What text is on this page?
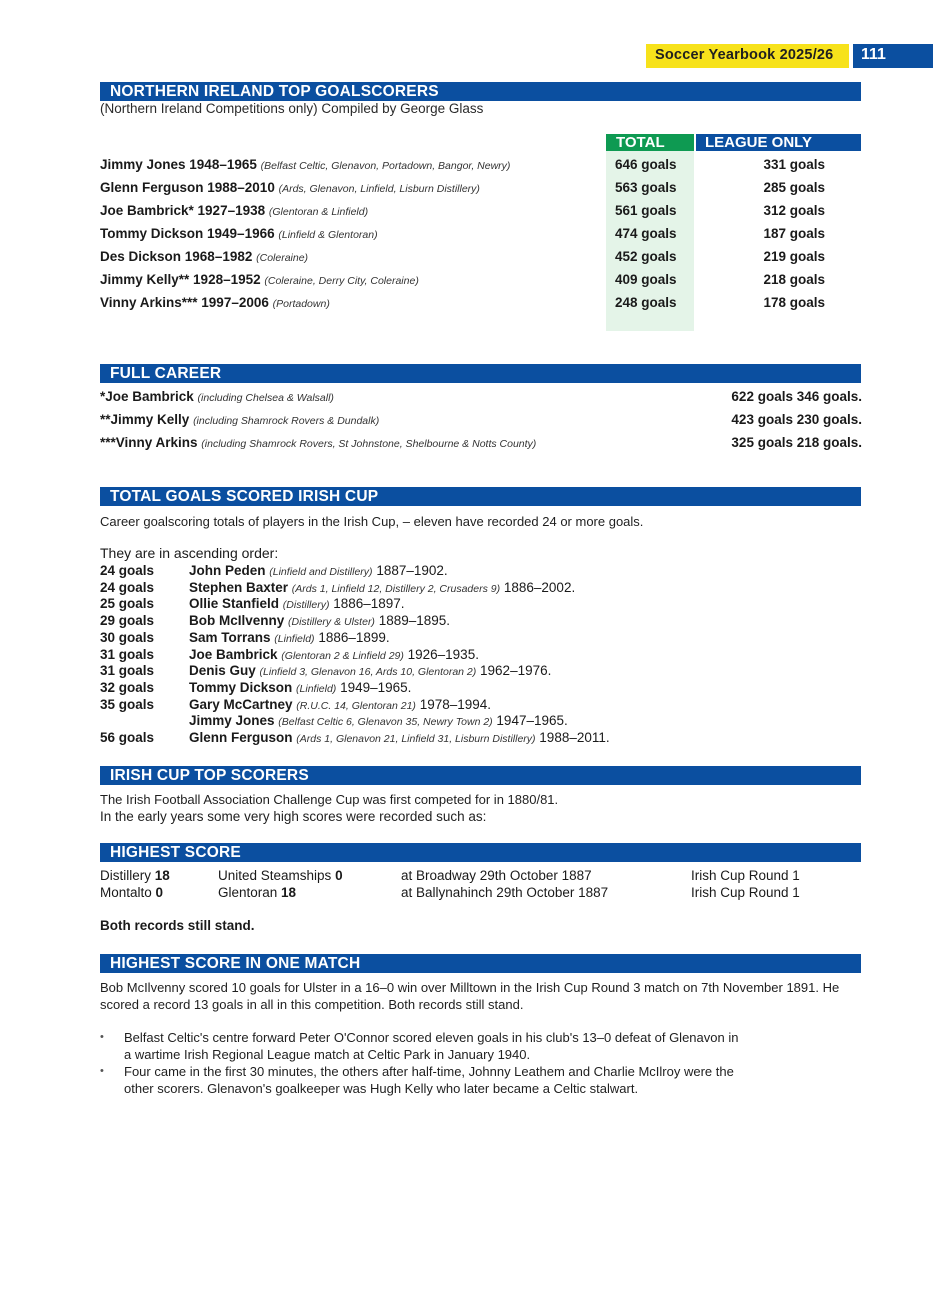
Soccer Yearbook 2025/26 111
NORTHERN IRELAND TOP GOALSCORERS
(Northern Ireland Competitions only) Compiled by George Glass
TOTAL	LEAGUE ONLY
Jimmy Jones 1948–1965 (Belfast Celtic, Glenavon, Portadown, Bangor, Newry)	646 goals	331 goals
Glenn Ferguson 1988–2010 (Ards, Glenavon, Linfield, Lisburn Distillery)	563 goals	285 goals
Joe Bambrick* 1927–1938 (Glentoran & Linfield)	561 goals	312 goals
Tommy Dickson 1949–1966 (Linfield & Glentoran)	474 goals	187 goals
Des Dickson 1968–1982 (Coleraine)	452 goals	219 goals
Jimmy Kelly** 1928–1952 (Coleraine, Derry City, Coleraine)	409 goals	218 goals
Vinny Arkins*** 1997–2006 (Portadown)	248 goals	178 goals
FULL CAREER
*Joe Bambrick (including Chelsea & Walsall)	622 goals 346 goals.
**Jimmy Kelly (including Shamrock Rovers & Dundalk)	423 goals 230 goals.
***Vinny Arkins (including Shamrock Rovers, St Johnstone, Shelbourne & Notts County)	325 goals 218 goals.
TOTAL GOALS SCORED IRISH CUP
Career goalscoring totals of players in the Irish Cup, – eleven have recorded 24 or more goals.
They are in ascending order:
24 goals	John Peden (Linfield and Distillery) 1887–1902.
24 goals	Stephen Baxter (Ards 1, Linfield 12, Distillery 2, Crusaders 9) 1886–2002.
25 goals	Ollie Stanfield (Distillery) 1886–1897.
29 goals	Bob McIlvenny (Distillery & Ulster) 1889–1895.
30 goals	Sam Torrans (Linfield) 1886–1899.
31 goals	Joe Bambrick (Glentoran 2 & Linfield 29) 1926–1935.
31 goals	Denis Guy (Linfield 3, Glenavon 16, Ards 10, Glentoran 2) 1962–1976.
32 goals	Tommy Dickson (Linfield) 1949–1965.
35 goals	Gary McCartney (R.U.C. 14, Glentoran 21) 1978–1994.
Jimmy Jones (Belfast Celtic 6, Glenavon 35, Newry Town 2) 1947–1965.
56 goals	Glenn Ferguson (Ards 1, Glenavon 21, Linfield 31, Lisburn Distillery) 1988–2011.
IRISH CUP TOP SCORERS
The Irish Football Association Challenge Cup was first competed for in 1880/81.
In the early years some very high scores were recorded such as:
HIGHEST SCORE
Distillery 18	United Steamships 0	at Broadway 29th October 1887	Irish Cup Round 1
Montalto 0	Glentoran 18	at Ballynahinch 29th October 1887	Irish Cup Round 1
Both records still stand.
HIGHEST SCORE IN ONE MATCH
Bob McIlvenny scored 10 goals for Ulster in a 16–0 win over Milltown in the Irish Cup Round 3 match on 7th November 1891. He scored a record 13 goals in all in this competition. Both records still stand.
• Belfast Celtic's centre forward Peter O'Connor scored eleven goals in his club's 13–0 defeat of Glenavon in a wartime Irish Regional League match at Celtic Park in January 1940.
• Four came in the first 30 minutes, the others after half-time, Johnny Leathem and Charlie McIlroy were the other scorers. Glenavon's goalkeeper was Hugh Kelly who later became a Celtic stalwart.
